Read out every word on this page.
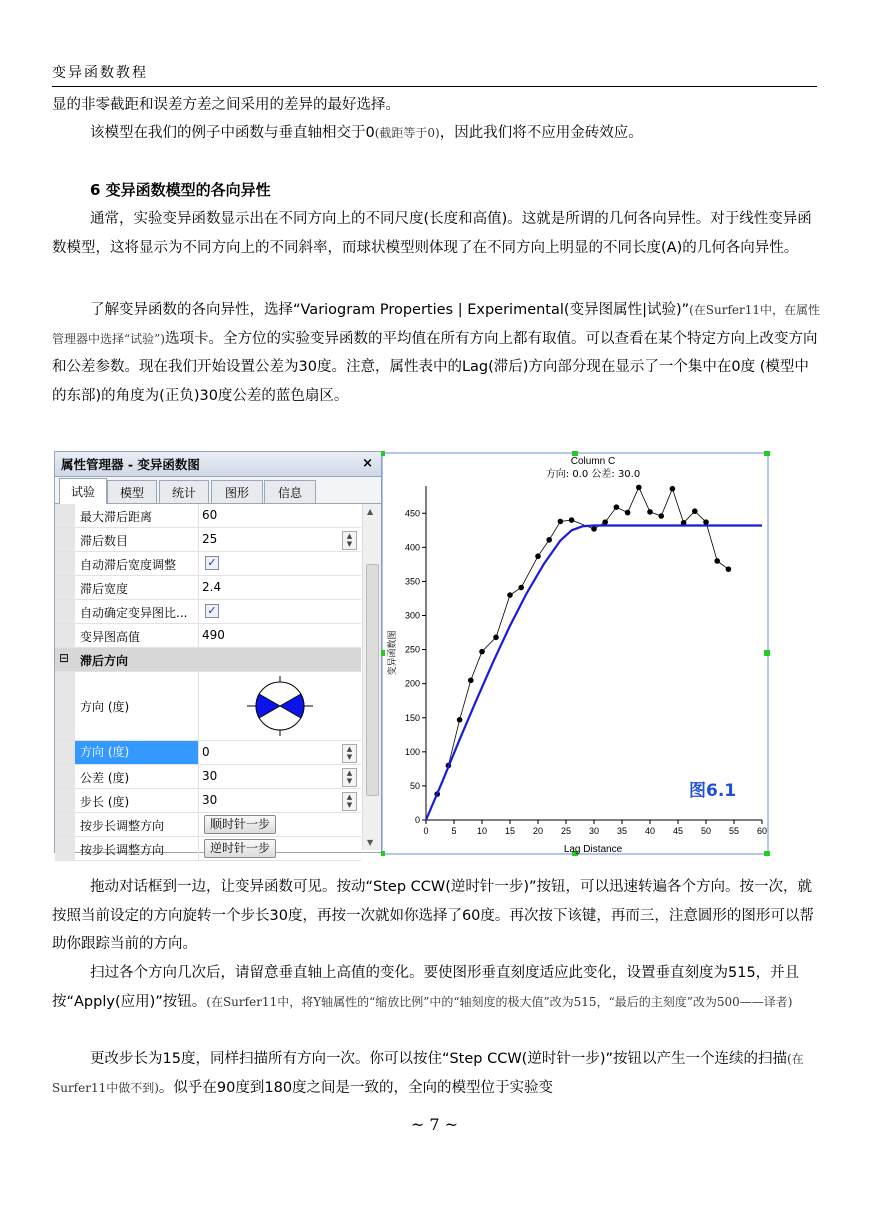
变异函数教程

显的非零截距和误差方差之间采用的差异的最好选择。

该模型在我们的例子中函数与垂直轴相交于0(截距等于0)，因此我们将不应用金砖效应。

6 变异函数模型的各向异性

通常，实验变异函数显示出在不同方向上的不同尺度(长度和高值)。这就是所谓的几何各向异性。对于线性变异函数模型，这将显示为不同方向上的不同斜率，而球状模型则体现了在不同方向上明显的不同长度(A)的几何各向异性。

了解变异函数的各向异性，选择“Variogram Properties | Experimental(变异图属性|试验)”(在Surfer11中，在属性管理器中选择“试验”)选项卡。全方位的实验变异函数的平均值在所有方向上都有取值。可以查看在某个特定方向上改变方向和公差参数。现在我们开始设置公差为30度。注意，属性表中的Lag(滞后)方向部分现在显示了一个集中在0度 (模型中的东部)的角度为(正负)30度公差的蓝色扇区。

属性管理器 - 变异函数图	×
试验	模型	统计	图形	信息
最大滞后距离	60
滞后数目	25	▲
▼
自动滞后宽度调整	✓
滞后宽度	2.4
自动确定变异图比... ✓
变异图高值	490
⊟ 滞后方向
方向 (度)
方向 (度)	0	▲
▼
公差 (度)	30	▲
▼
步长 (度)	30	▲
▼
按步长调整方向	顺时针一步
按步长调整方向	逆时针一步
▲
▼
0	5 10 15 20 25 30 35 40 45 50 55 60
0
50
100
150
200
250
300
350
400
450
Column C
方向: 0.0 公差: 30.0
Lag Distance
变异函数图
图6.1

拖动对话框到一边，让变异函数可见。按动“Step CCW(逆时针一步)”按钮，可以迅速转遍各个方向。按一次，就按照当前设定的方向旋转一个步长30度，再按一次就如你选择了60度。再次按下该键，再而三，注意圆形的图形可以帮助你跟踪当前的方向。

扫过各个方向几次后，请留意垂直轴上高值的变化。要使图形垂直刻度适应此变化，设置垂直刻度为515，并且按“Apply(应用)”按钮。(在Surfer11中，将Y轴属性的“缩放比例”中的“轴刻度的极大值”改为515，“最后的主刻度”改为500——译者)

更改步长为15度，同样扫描所有方向一次。你可以按住“Step CCW(逆时针一步)”按钮以产生一个连续的扫描(在Surfer11中做不到)。似乎在90度到180度之间是一致的，全向的模型位于实验变

~ 7 ~
